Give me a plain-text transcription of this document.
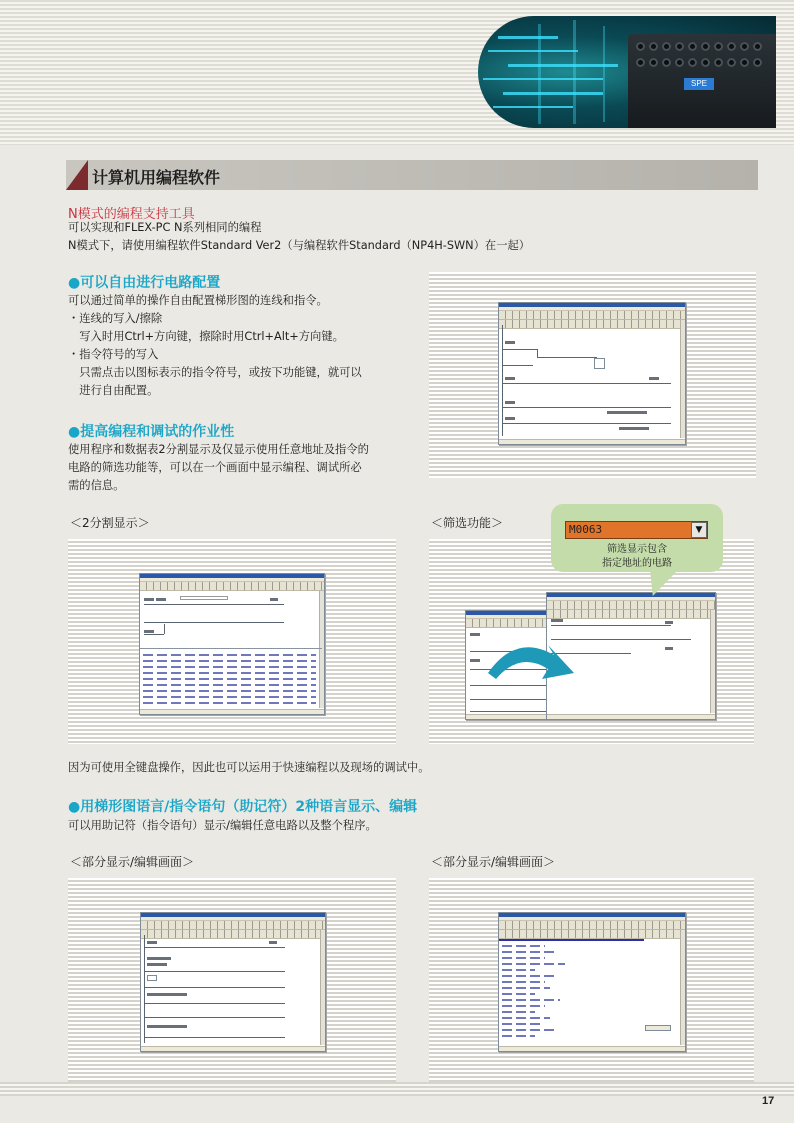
SPE
计算机用编程软件
N模式的编程支持工具
可以实现和FLEX-PC N系列相同的编程
N模式下，请使用编程软件Standard Ver2（与编程软件Standard（NP4H-SWN）在一起）
●可以自由进行电路配置
可以通过简单的操作自由配置梯形图的连线和指令。
・连线的写入/擦除
　写入时用Ctrl+方向键，擦除时用Ctrl+Alt+方向键。
・指令符号的写入
　只需点击以图标表示的指令符号，或按下功能键，就可以
　进行自由配置。
●提高编程和调试的作业性
使用程序和数据表2分割显示及仅显示使用任意地址及指令的
电路的筛选功能等，可以在一个画面中显示编程、调试所必
需的信息。
＜2分割显示＞	＜筛选功能＞	M0063	▼
筛选显示包含
指定地址的电路
因为可使用全键盘操作，因此也可以运用于快速编程以及现场的调试中。
●用梯形图语言/指令语句（助记符）2种语言显示、编辑
可以用助记符（指令语句）显示/编辑任意电路以及整个程序。
＜部分显示/编辑画面＞	＜部分显示/编辑画面＞
17
